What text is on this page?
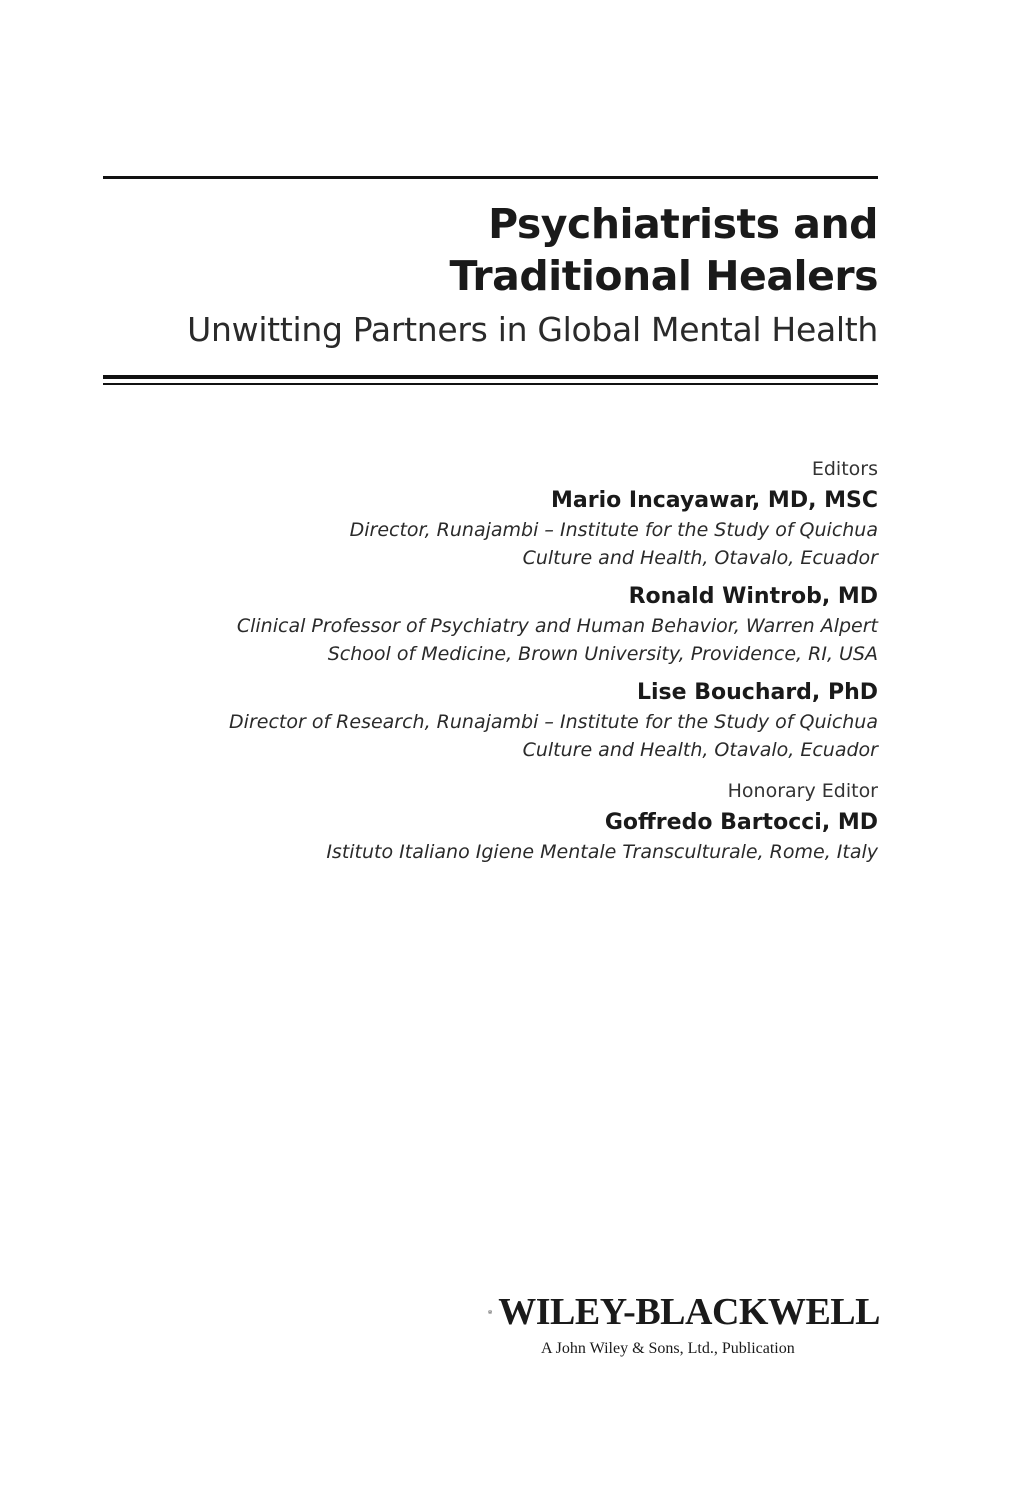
Psychiatrists and
Traditional Healers
Unwitting Partners in Global Mental Health
Editors
Mario Incayawar, MD, MSC
Director, Runajambi – Institute for the Study of Quichua
Culture and Health, Otavalo, Ecuador
Ronald Wintrob, MD
Clinical Professor of Psychiatry and Human Behavior, Warren Alpert
School of Medicine, Brown University, Providence, RI, USA
Lise Bouchard, PhD
Director of Research, Runajambi – Institute for the Study of Quichua
Culture and Health, Otavalo, Ecuador
Honorary Editor
Goffredo Bartocci, MD
Istituto Italiano Igiene Mentale Transculturale, Rome, Italy
WILEY-BLACKWELL
A John Wiley & Sons, Ltd., Publication
